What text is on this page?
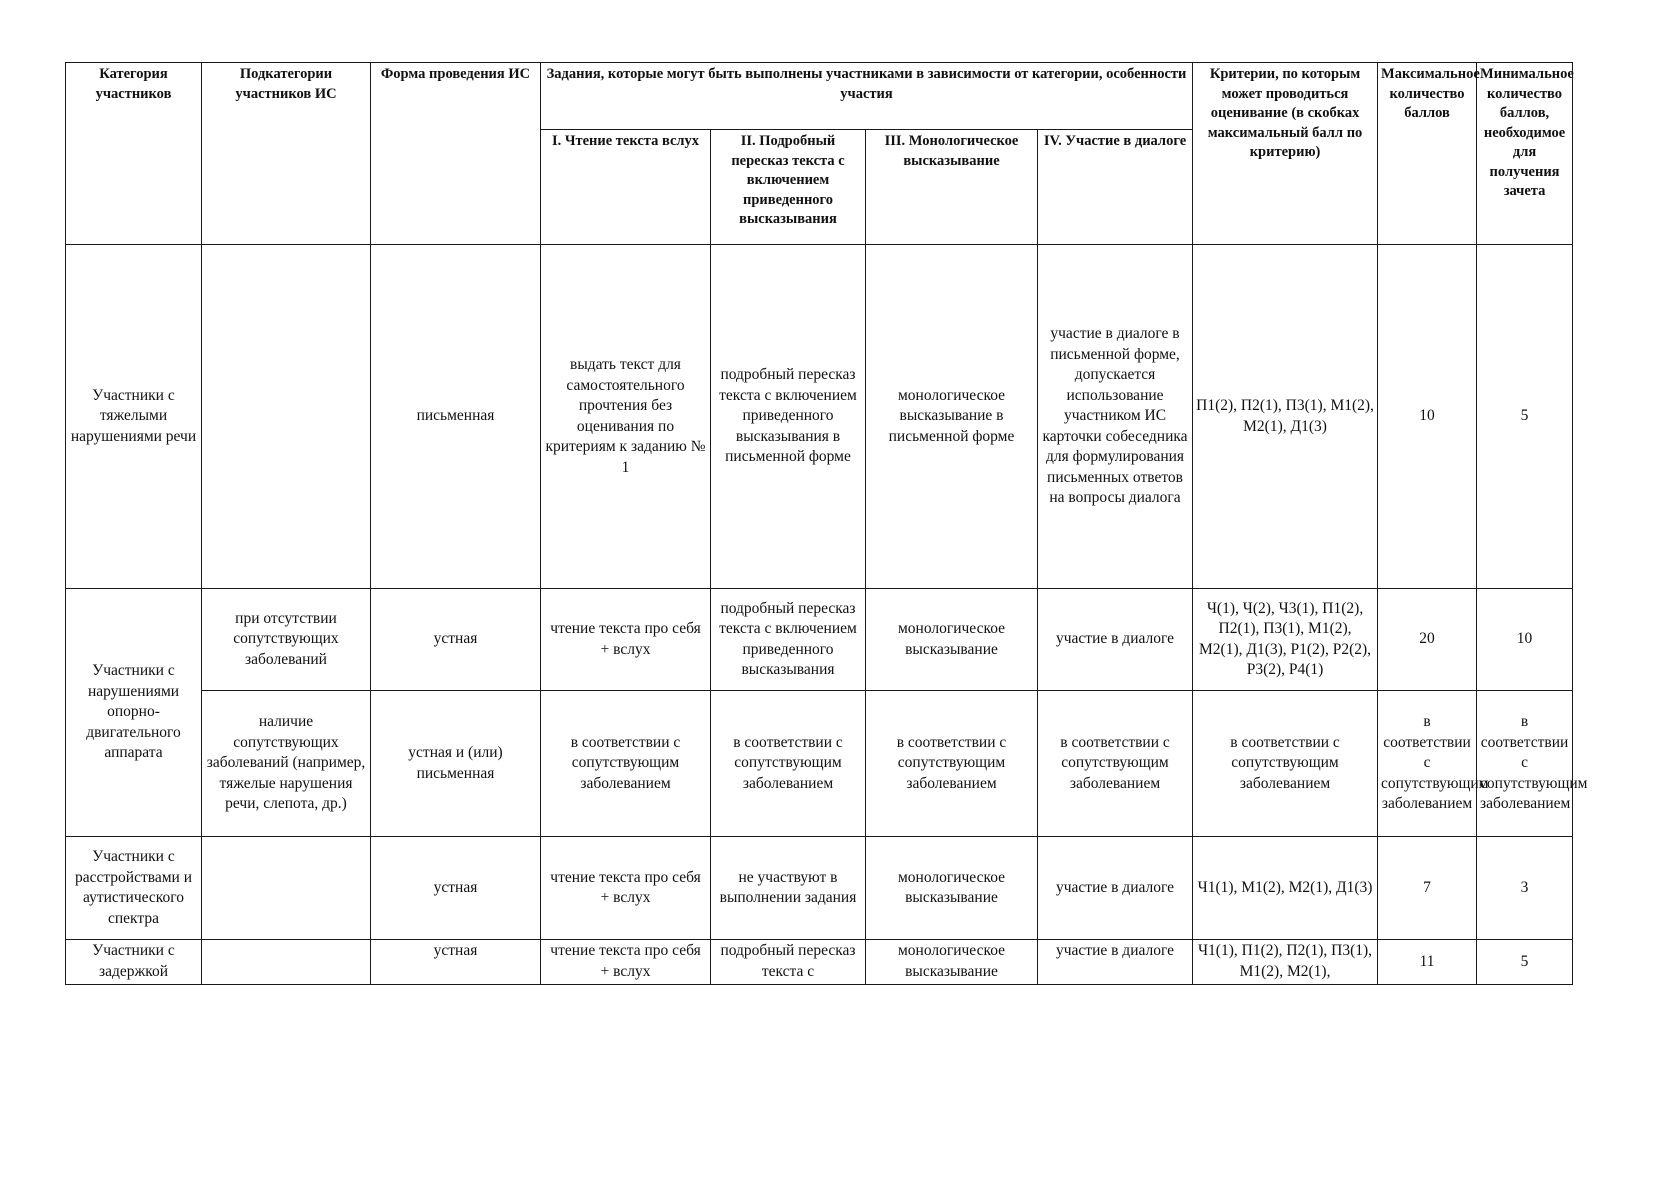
Категория участников	Подкатегории участников ИС	Форма проведения ИС	Задания, которые могут быть выполнены участниками в зависимости от категории, особенности участия				Критерии, по которым может проводиться оценивание (в скобках максимальный балл по критерию)	Максимальное количество баллов	Минимальное количество баллов, необходимое для получения зачета
			I. Чтение текста вслух	II. Подробный пересказ текста с включением приведенного высказывания	III. Монологическое высказывание	IV. Участие в диалоге			
Участники с тяжелыми нарушениями речи		письменная	выдать текст для самостоятельного прочтения без оценивания по критериям к заданию № 1	подробный пересказ текста с включением приведенного высказывания в письменной форме	монологическое высказывание в письменной форме	участие в диалоге в письменной форме, допускается использование участником ИС карточки собеседника для формулирования письменных ответов на вопросы диалога	П1(2), П2(1), П3(1), М1(2), М2(1), Д1(3)	10	5
Участники с нарушениями опорно-двигательного аппарата	при отсутствии сопутствующих заболеваний	устная	чтение текста про себя + вслух	подробный пересказ текста с включением приведенного высказывания	монологическое высказывание	участие в диалоге	Ч(1), Ч(2), Ч3(1), П1(2), П2(1), П3(1), М1(2), М2(1), Д1(3), Р1(2), Р2(2), Р3(2), Р4(1)	20	10
	наличие сопутствующих заболеваний (например, тяжелые нарушения речи, слепота, др.)	устная и (или) письменная	в соответствии с сопутствующим заболеванием	в соответствии с сопутствующим заболеванием	в соответствии с сопутствующим заболеванием	в соответствии с сопутствующим заболеванием	в соответствии с сопутствующим заболеванием	в соответствии с сопутствующим заболеванием	в соответствии с сопутствующим заболеванием
Участники с расстройствами и аутистического спектра		устная	чтение текста про себя + вслух	не участвуют в выполнении задания	монологическое высказывание	участие в диалоге	Ч1(1), М1(2), М2(1), Д1(3)	7	3
Участники с задержкой		устная	чтение текста про себя + вслух	подробный пересказ текста с	монологическое высказывание	участие в диалоге	Ч1(1), П1(2), П2(1), П3(1), М1(2), М2(1),	11	5
